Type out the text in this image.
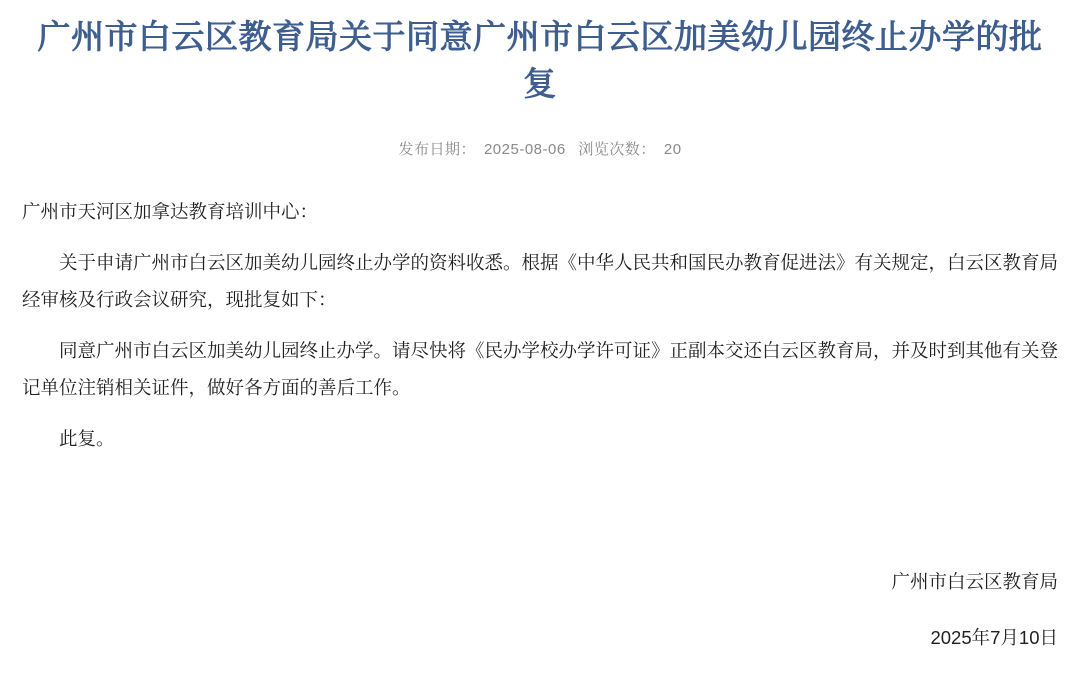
广州市白云区教育局关于同意广州市白云区加美幼儿园终止办学的批复
发布日期： 2025-08-06 浏览次数： 20

广州市天河区加拿达教育培训中心：

关于申请广州市白云区加美幼儿园终止办学的资料收悉。根据《中华人民共和国民办教育促进法》有关规定，白云区教育局经审核及行政会议研究，现批复如下：

同意广州市白云区加美幼儿园终止办学。请尽快将《民办学校办学许可证》正副本交还白云区教育局，并及时到其他有关登记单位注销相关证件，做好各方面的善后工作。

此复。

广州市白云区教育局
2025年7月10日
